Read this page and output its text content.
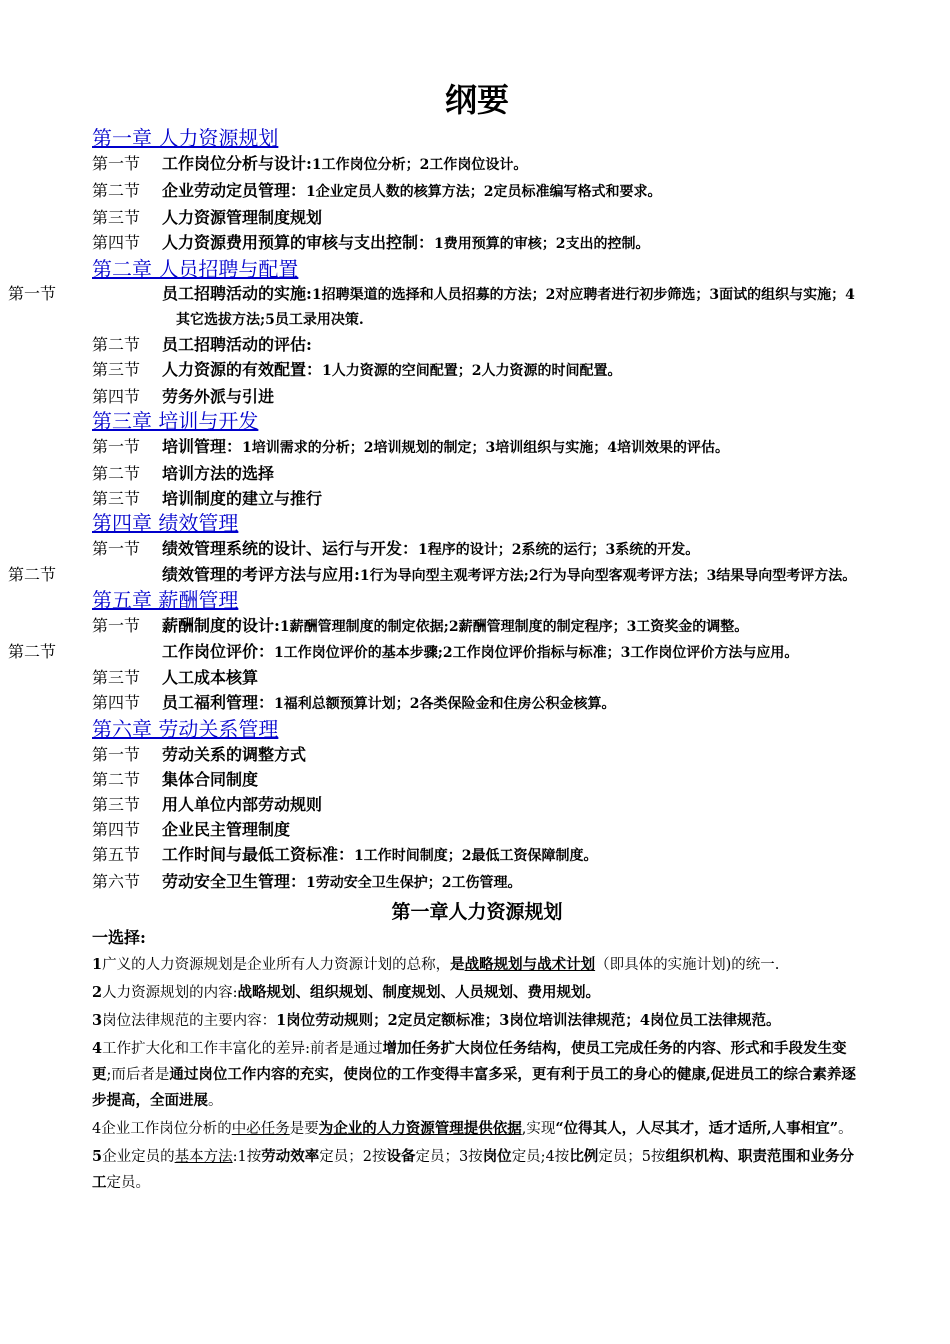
纲要
第一章 人力资源规划
第一节 工作岗位分析与设计:1工作岗位分析；2工作岗位设计。
第二节 企业劳动定员管理：1企业定员人数的核算方法；2定员标准编写格式和要求。
第三节 人力资源管理制度规划
第四节 人力资源费用预算的审核与支出控制：1费用预算的审核；2支出的控制。
第二章 人员招聘与配置
第一节	员工招聘活动的实施:1招聘渠道的选择和人员招募的方法；2对应聘者进行初步筛选；3面试的组织与实施；4其它选拔方法;5员工录用决策.
第二节 员工招聘活动的评估:
第三节 人力资源的有效配置：1人力资源的空间配置；2人力资源的时间配置。
第四节 劳务外派与引进
第三章 培训与开发
第一节 培训管理：1培训需求的分析；2培训规划的制定；3培训组织与实施；4培训效果的评估。
第二节 培训方法的选择
第三节 培训制度的建立与推行
第四章 绩效管理
第一节 绩效管理系统的设计、运行与开发：1程序的设计；2系统的运行；3系统的开发。
第二节	绩效管理的考评方法与应用:1行为导向型主观考评方法;2行为导向型客观考评方法；3结果导向型考评方法。
第五章 薪酬管理
第一节 薪酬制度的设计:1薪酬管理制度的制定依据;2薪酬管理制度的制定程序；3工资奖金的调整。
第二节	工作岗位评价：1工作岗位评价的基本步骤;2工作岗位评价指标与标准；3工作岗位评价方法与应用。
第三节 人工成本核算
第四节 员工福利管理：1福利总额预算计划；2各类保险金和住房公积金核算。
第六章 劳动关系管理
第一节 劳动关系的调整方式
第二节 集体合同制度
第三节 用人单位内部劳动规则
第四节 企业民主管理制度
第五节 工作时间与最低工资标准：1工作时间制度；2最低工资保障制度。
第六节 劳动安全卫生管理：1劳动安全卫生保护；2工伤管理。
第一章人力资源规划
一选择:
1广义的人力资源规划是企业所有人力资源计划的总称，是战略规划与战术计划（即具体的实施计划)的统一.
2人力资源规划的内容:战略规划、组织规划、制度规划、人员规划、费用规划。
3岗位法律规范的主要内容：1岗位劳动规则；2定员定额标准；3岗位培训法律规范；4岗位员工法律规范。
4工作扩大化和工作丰富化的差异:前者是通过增加任务扩大岗位任务结构，使员工完成任务的内容、形式和手段发生变更;而后者是通过岗位工作内容的充实，使岗位的工作变得丰富多采，更有利于员工的身心的健康,促进员工的综合素养逐步提高，全面进展。
4企业工作岗位分析的中必任务是要为企业的人力资源管理提供依据,实现“位得其人，人尽其才，适才适所,人事相宜”。
5企业定员的基本方法:1按劳动效率定员；2按设备定员；3按岗位定员;4按比例定员；5按组织机构、职责范围和业务分工定员。
